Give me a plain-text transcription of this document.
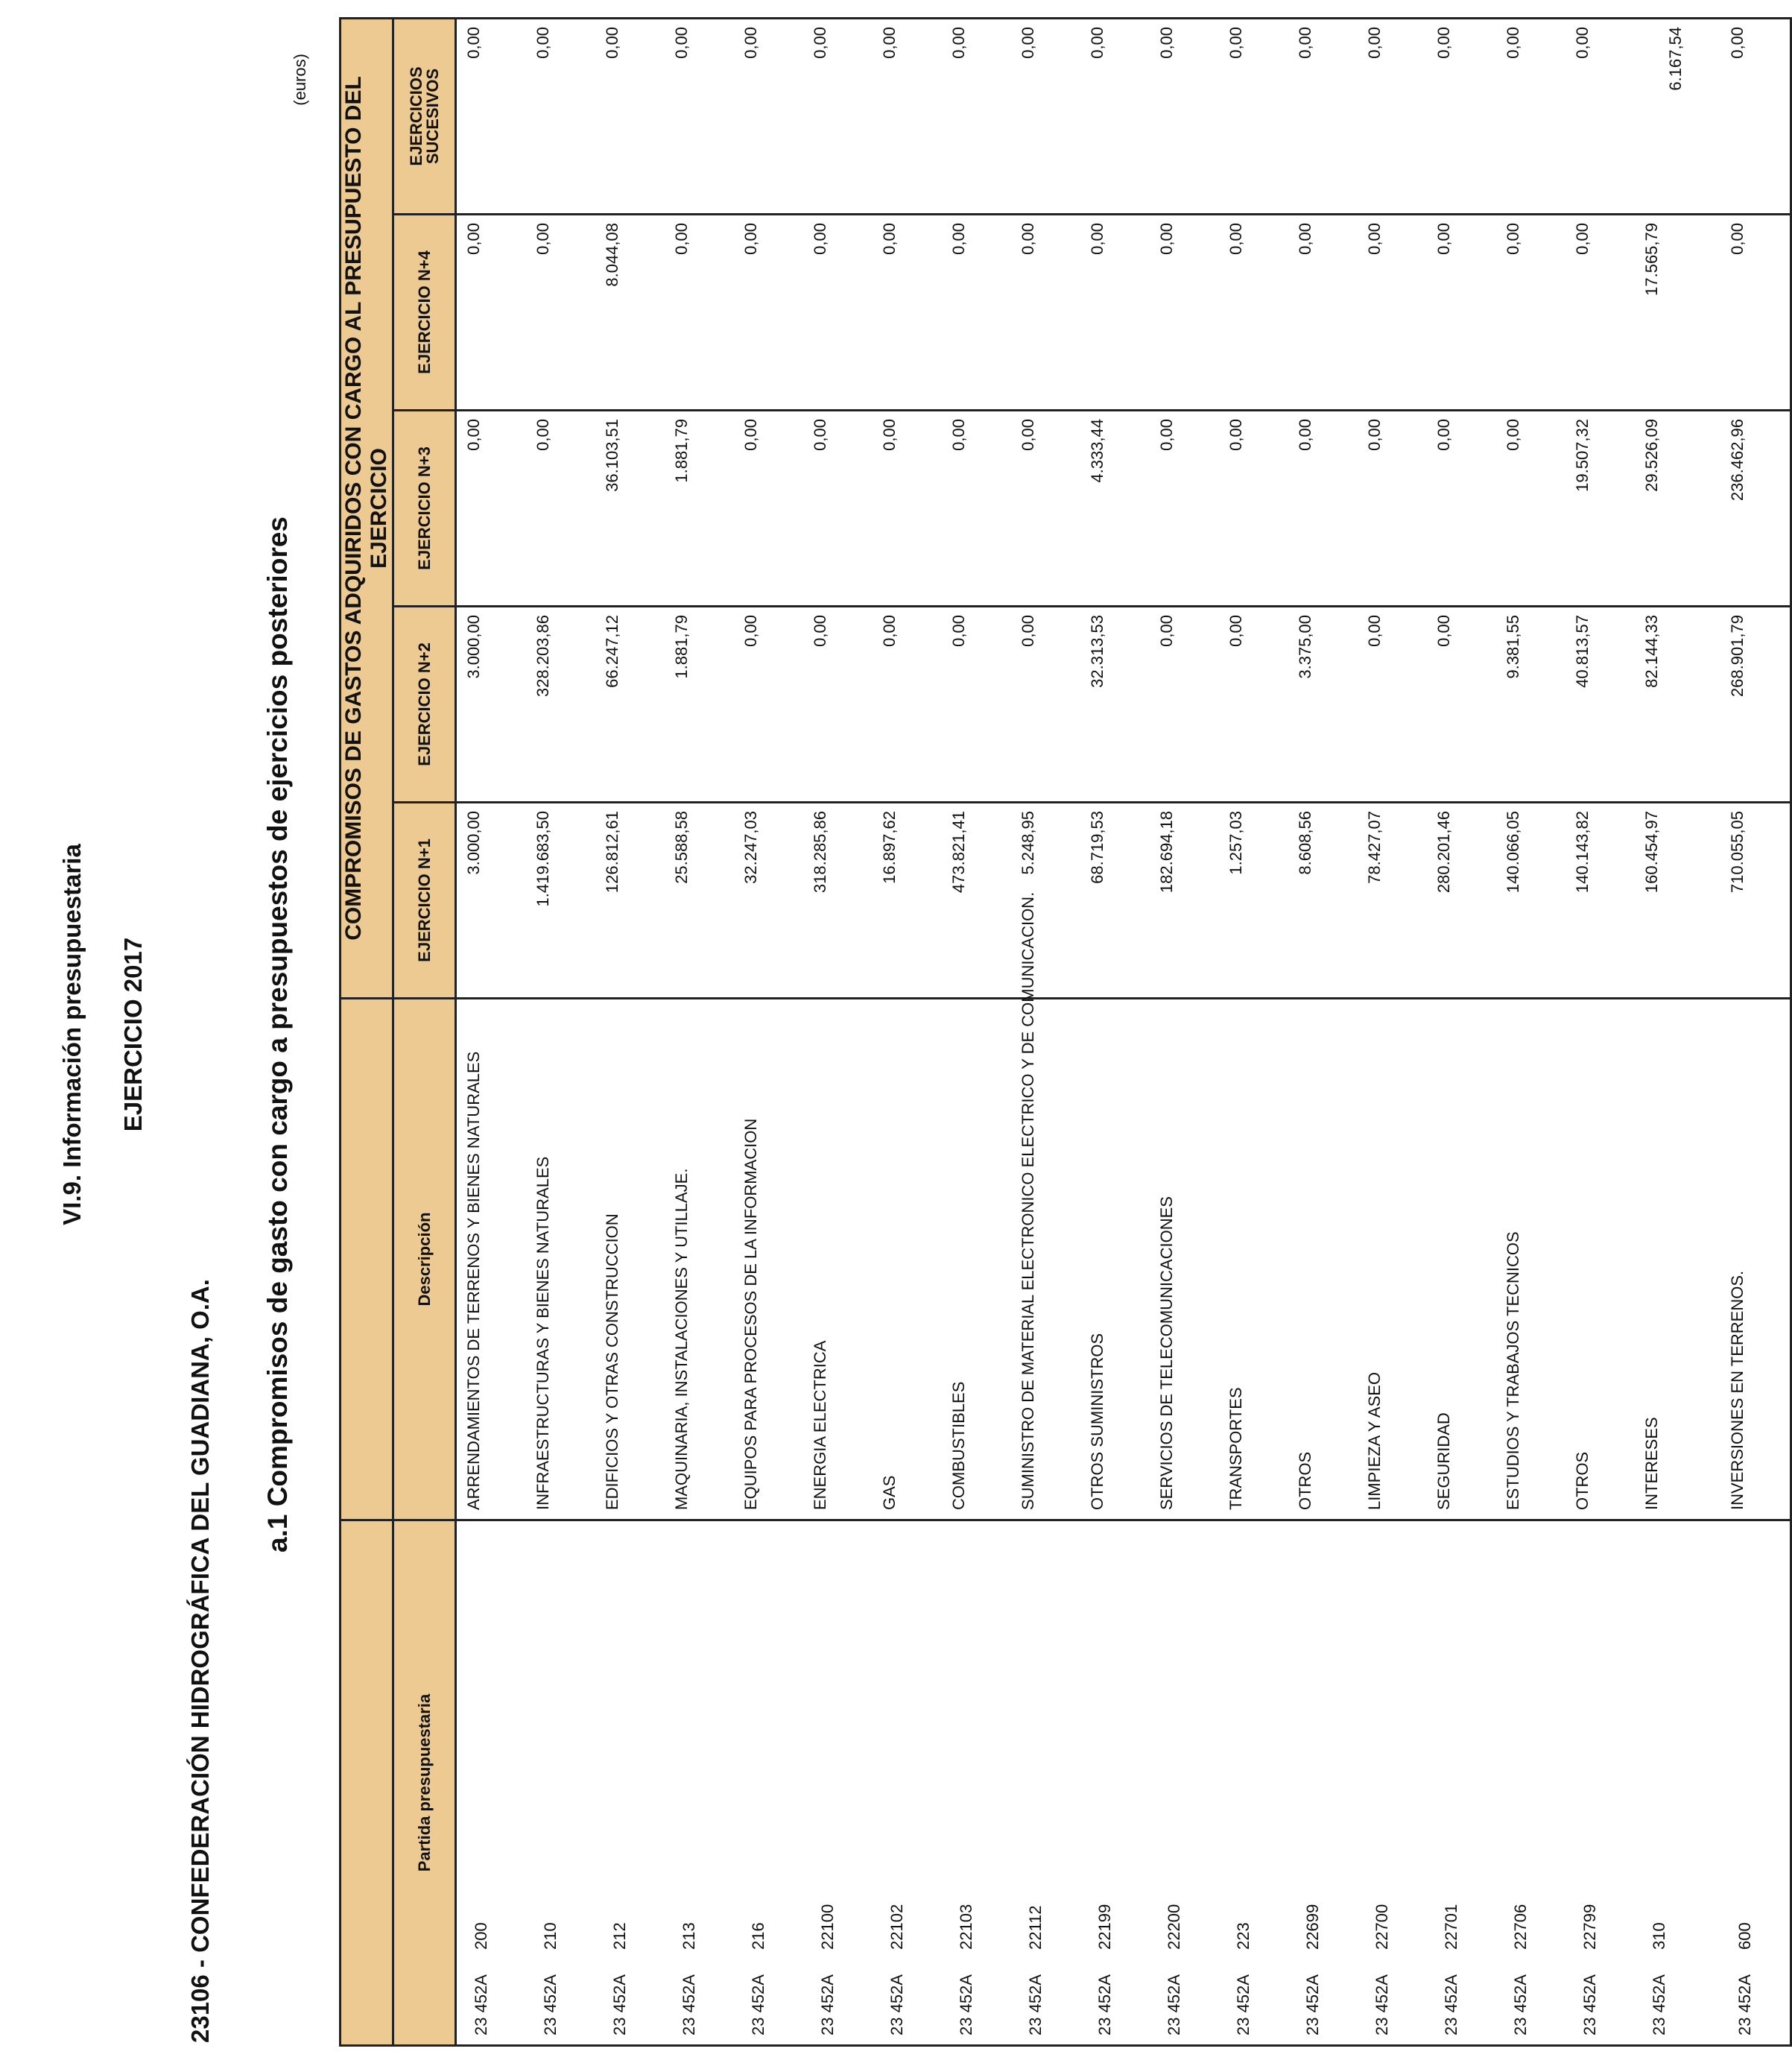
VI.9. Información presupuestaria EJERCICIO 2017
23106 - CONFEDERACIÓN HIDROGRÁFICA DEL GUADIANA, O.A.
a.1 Compromisos de gasto con cargo a presupuestos de ejercicios posteriores
(euros)
		COMPROMISOS DE GASTOS ADQUIRIDOS CON CARGO AL PRESUPUESTO DEL EJERCICIO				
Partida presupuestaria	Descripción	EJERCICIO N+1	EJERCICIO N+2	EJERCICIO N+3	EJERCICIO N+4	EJERCICIOS SUCESIVOS
23 452A200	ARRENDAMIENTOS DE TERRENOS Y BIENES NATURALES	3.000,00	3.000,00	0,00	0,00	0,00
23 452A210	INFRAESTRUCTURAS Y BIENES NATURALES	1.419.683,50	328.203,86	0,00	0,00	0,00
23 452A212	EDIFICIOS Y OTRAS CONSTRUCCION	126.812,61	66.247,12	36.103,51	8.044,08	0,00
23 452A213	MAQUINARIA, INSTALACIONES Y UTILLAJE.	25.588,58	1.881,79	1.881,79	0,00	0,00
23 452A216	EQUIPOS PARA PROCESOS DE LA INFORMACION	32.247,03	0,00	0,00	0,00	0,00
23 452A22100	ENERGIA ELECTRICA	318.285,86	0,00	0,00	0,00	0,00
23 452A22102	GAS	16.897,62	0,00	0,00	0,00	0,00
23 452A22103	COMBUSTIBLES	473.821,41	0,00	0,00	0,00	0,00
23 452A22112	SUMINISTRO DE MATERIAL ELECTRONICO ELECTRICO Y DE COMUNICACION.	5.248,95	0,00	0,00	0,00	0,00
23 452A22199	OTROS SUMINISTROS	68.719,53	32.313,53	4.333,44	0,00	0,00
23 452A22200	SERVICIOS DE TELECOMUNICACIONES	182.694,18	0,00	0,00	0,00	0,00
23 452A223	TRANSPORTES	1.257,03	0,00	0,00	0,00	0,00
23 452A22699	OTROS	8.608,56	3.375,00	0,00	0,00	0,00
23 452A22700	LIMPIEZA Y ASEO	78.427,07	0,00	0,00	0,00	0,00
23 452A22701	SEGURIDAD	280.201,46	0,00	0,00	0,00	0,00
23 452A22706	ESTUDIOS Y TRABAJOS TECNICOS	140.066,05	9.381,55	0,00	0,00	0,00
23 452A22799	OTROS	140.143,82	40.813,57	19.507,32	0,00	0,00
23 452A310	INTERESES	160.454,97	82.144,33	29.526,09	17.565,79	6.167,54
23 452A600	INVERSIONES EN TERRENOS.	710.055,05	268.901,79	236.462,96	0,00	0,00
